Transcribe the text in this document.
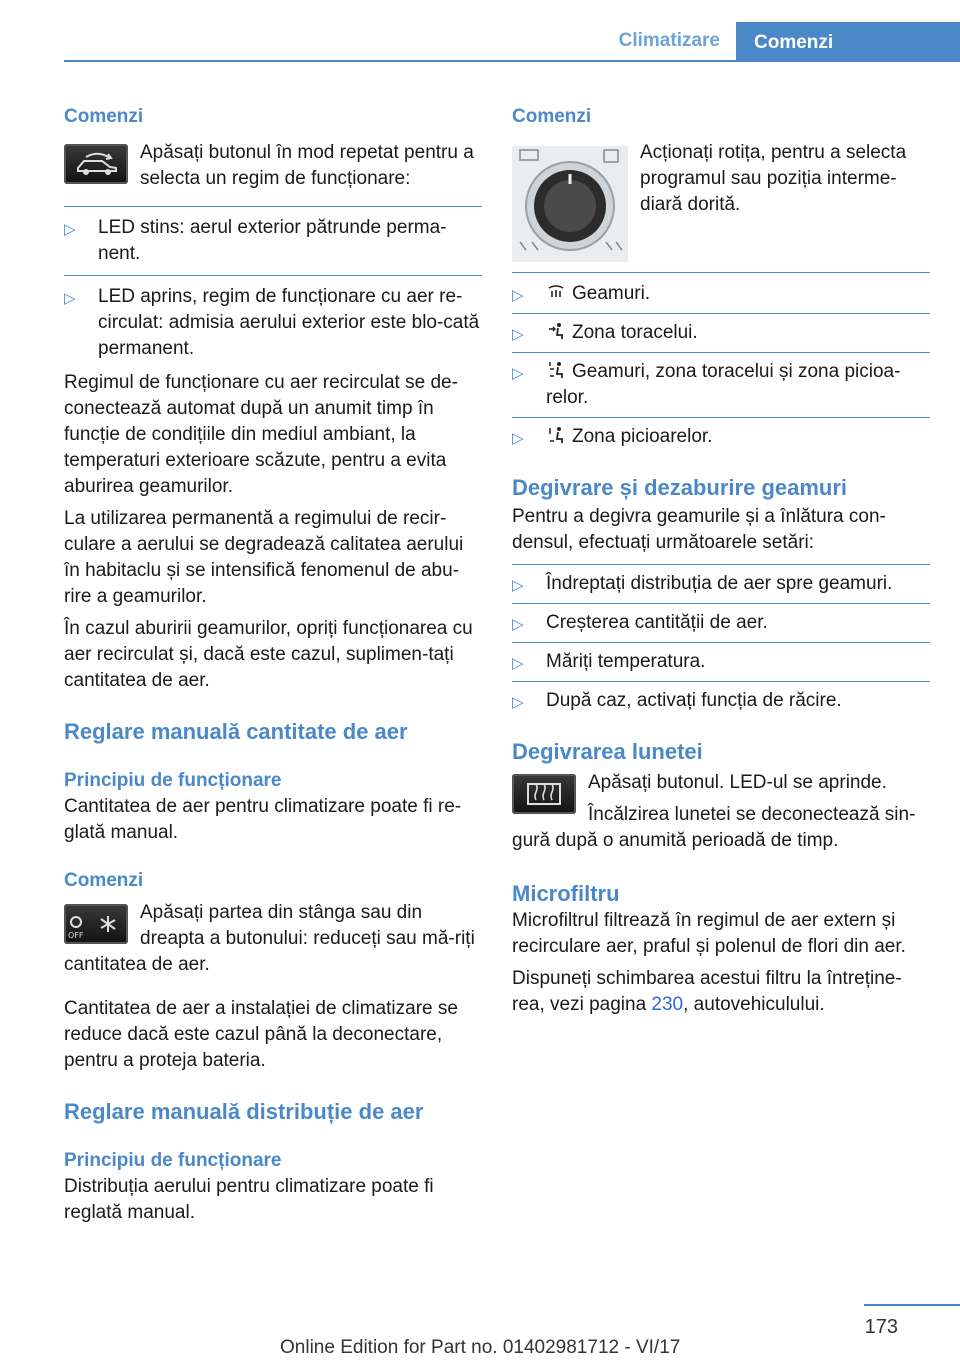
Climatizare	Comenzi
Comenzi

Apăsați butonul în mod repetat pentru a selecta un regim de funcționare:

▷ LED stins: aerul exterior pătrunde perma‐nent.
▷ LED aprins, regim de funcționare cu aer re‐circulat: admisia aerului exterior este blo‐cată permanent.

Regimul de funcționare cu aer recirculat se de‐conectează automat după un anumit timp în funcție de condițiile din mediul ambiant, la temperaturi exterioare scăzute, pentru a evita aburirea geamurilor.

La utilizarea permanentă a regimului de recir‐culare a aerului se degradează calitatea aerului în habitaclu și se intensifică fenomenul de abu‐rire a geamurilor.

În cazul aburirii geamurilor, opriți funcționarea cu aer recirculat și, dacă este cazul, suplimen‐tați cantitatea de aer.

Reglare manuală cantitate de aer
Principiu de funcționare

Cantitatea de aer pentru climatizare poate fi re‐glată manual.

Comenzi
OFF

Apăsați partea din stânga sau din dreapta a butonului: reduceți sau mă‐riți cantitatea de aer.

Cantitatea de aer a instalației de climatizare se reduce dacă este cazul până la deconectare, pentru a proteja bateria.

Reglare manuală distribuție de aer
Principiu de funcționare

Distribuția aerului pentru climatizare poate fi reglată manual.

Comenzi

Acționați rotița, pentru a selecta programul sau poziția interme‐diară dorită.

▷	Geamuri.
▷	Zona toracelui.
▷	Geamuri, zona toracelui și zona picioa‐relor.
▷	Zona picioarelor.
Degivrare și dezaburire geamuri

Pentru a degivra geamurile și a înlătura con‐densul, efectuați următoarele setări:

▷ Îndreptați distribuția de aer spre geamuri.
▷ Creșterea cantității de aer.
▷ Măriți temperatura.
▷ După caz, activați funcția de răcire.
Degivrarea lunetei

Apăsați butonul. LED-ul se aprinde.

Încălzirea lunetei se deconectează sin‐gură după o anumită perioadă de timp.

Microfiltru

Microfiltrul filtrează în regimul de aer extern și recirculare aer, praful și polenul de flori din aer.

Dispuneți schimbarea acestui filtru la întreține‐rea, vezi pagina 230, autovehiculului.

173
Online Edition for Part no. 01402981712 - VI/17
